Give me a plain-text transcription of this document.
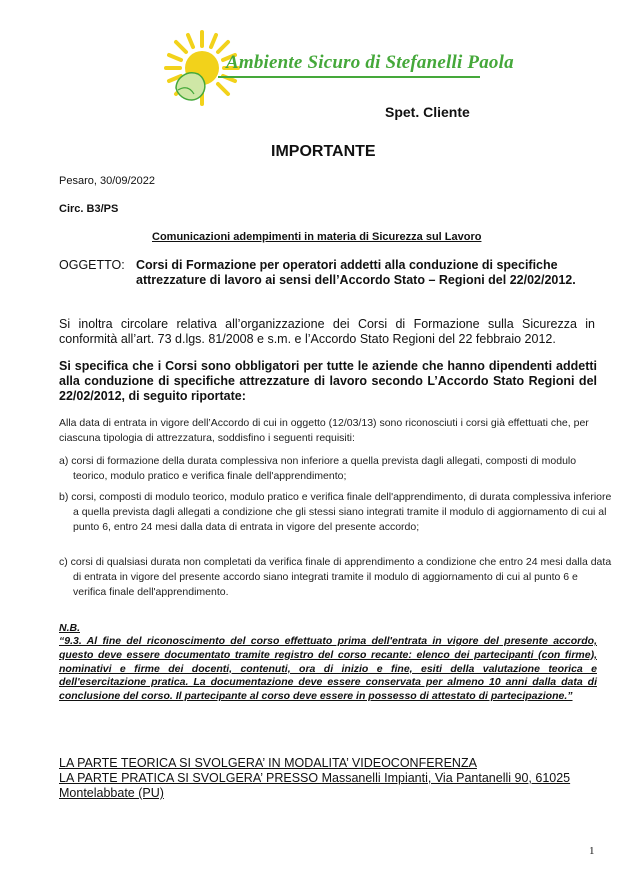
Ambiente Sicuro di Stefanelli Paola
Spet. Cliente
IMPORTANTE
Pesaro, 30/09/2022
Circ. B3/PS
Comunicazioni adempimenti in materia di Sicurezza sul Lavoro
OGGETTO: Corsi di Formazione per operatori addetti alla conduzione di specifiche attrezzature di lavoro ai sensi dell’Accordo Stato – Regioni del 22/02/2012.
Si inoltra circolare relativa all’organizzazione dei Corsi di Formazione sulla Sicurezza in conformità all’art. 73 d.lgs. 81/2008 e s.m. e l’Accordo Stato Regioni del 22 febbraio 2012.
Si specifica che i Corsi sono obbligatori per tutte le aziende che hanno dipendenti addetti alla conduzione di specifiche attrezzature di lavoro secondo L’Accordo Stato Regioni del 22/02/2012, di seguito riportate:
Alla data di entrata in vigore dell’Accordo di cui in oggetto (12/03/13) sono riconosciuti i corsi già effettuati che, per ciascuna tipologia di attrezzatura, soddisfino i seguenti requisiti:
a) corsi di formazione della durata complessiva non inferiore a quella prevista dagli allegati, composti di modulo teorico, modulo pratico e verifica finale dell'apprendimento;
b) corsi, composti di modulo teorico, modulo pratico e verifica finale dell'apprendimento, di durata complessiva inferiore a quella prevista dagli allegati a condizione che gli stessi siano integrati tramite il modulo di aggiornamento di cui al punto 6, entro 24 mesi dalla data di entrata in vigore del presente accordo;
c) corsi di qualsiasi durata non completati da verifica finale di apprendimento a condizione che entro 24 mesi dalla data di entrata in vigore del presente accordo siano integrati tramite il modulo di aggiornamento di cui al punto 6 e verifica finale dell'apprendimento.
N.B.
“9.3. Al fine del riconoscimento del corso effettuato prima dell'entrata in vigore del presente accordo, questo deve essere documentato tramite registro del corso recante: elenco dei partecipanti (con firme), nominativi e firme dei docenti, contenuti, ora di inizio e fine, esiti della valutazione teorica e dell'esercitazione pratica. La documentazione deve essere conservata per almeno 10 anni dalla data di conclusione del corso. Il partecipante al corso deve essere in possesso di attestato di partecipazione.”
LA PARTE TEORICA SI SVOLGERA’ IN MODALITA’ VIDEOCONFERENZA
LA PARTE PRATICA SI SVOLGERA’ PRESSO Massanelli Impianti, Via Pantanelli 90, 61025 Montelabbate (PU)
1
